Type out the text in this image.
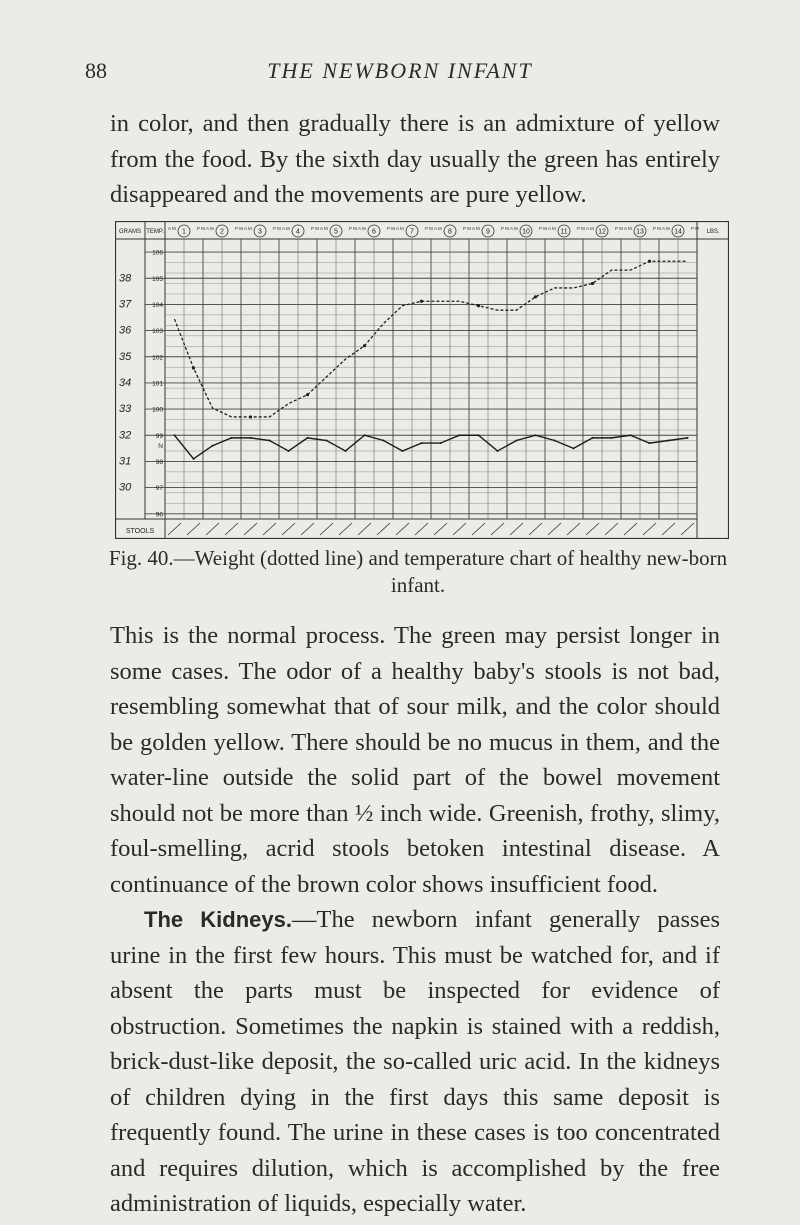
88	THE NEWBORN INFANT
in color, and then gradually there is an admixture of yellow from the food. By the sixth day usually the green has entirely disappeared and the movements are pure yellow.
GRAMS TEMP.	LBS.
STOOLS
1
A M	P M 2
A M	P M 3
A M	P M 4
A M	P M 5
A M	P M 6
A M	P M 7
A M	P M 8
A M	P M 9
A M	P M 10
A M	P M 11
A M	P M 12
A M	P M 13
A M	P M 14
A M	P M
106
105
104
103
102
101
100
99
N
98
97
96
38
37
36
35
34
33
32
31
30
Fig. 40.—Weight (dotted line) and temperature chart of healthy new-born infant.

This is the normal process. The green may persist longer in some cases. The odor of a healthy baby's stools is not bad, resembling somewhat that of sour milk, and the color should be golden yellow. There should be no mucus in them, and the water-line outside the solid part of the bowel movement should not be more than ½ inch wide. Greenish, frothy, slimy, foul-smelling, acrid stools betoken intestinal disease. A continuance of the brown color shows insufficient food.

The Kidneys.—The newborn infant generally passes urine in the first few hours. This must be watched for, and if absent the parts must be inspected for evidence of obstruction. Sometimes the napkin is stained with a reddish, brick-dust-like deposit, the so-called uric acid. In the kidneys of children dying in the first days this same deposit is frequently found. The urine in these cases is too concentrated and requires dilution, which is accomplished by the free administration of liquids, especially water.
